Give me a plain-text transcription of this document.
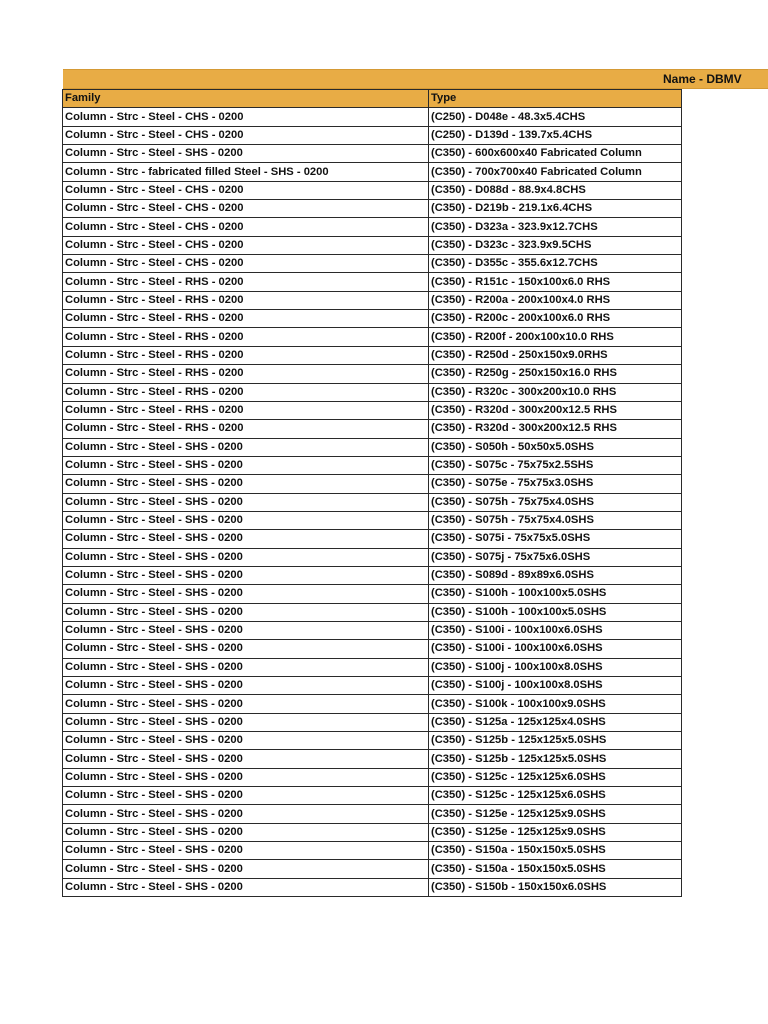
Name - DBMV
Family	Type
Column - Strc - Steel - CHS - 0200	(C250) - D048e - 48.3x5.4CHS
Column - Strc - Steel - CHS - 0200	(C250) - D139d - 139.7x5.4CHS
Column - Strc - Steel - SHS - 0200	(C350) - 600x600x40 Fabricated Column
Column - Strc - fabricated filled Steel - SHS - 0200	(C350) - 700x700x40 Fabricated Column
Column - Strc - Steel - CHS - 0200	(C350) - D088d - 88.9x4.8CHS
Column - Strc - Steel - CHS - 0200	(C350) - D219b - 219.1x6.4CHS
Column - Strc - Steel - CHS - 0200	(C350) - D323a - 323.9x12.7CHS
Column - Strc - Steel - CHS - 0200	(C350) - D323c - 323.9x9.5CHS
Column - Strc - Steel - CHS - 0200	(C350) - D355c - 355.6x12.7CHS
Column - Strc - Steel - RHS - 0200	(C350) - R151c - 150x100x6.0 RHS
Column - Strc - Steel - RHS - 0200	(C350) - R200a - 200x100x4.0 RHS
Column - Strc - Steel - RHS - 0200	(C350) - R200c - 200x100x6.0 RHS
Column - Strc - Steel - RHS - 0200	(C350) - R200f - 200x100x10.0 RHS
Column - Strc - Steel - RHS - 0200	(C350) - R250d - 250x150x9.0RHS
Column - Strc - Steel - RHS - 0200	(C350) - R250g - 250x150x16.0 RHS
Column - Strc - Steel - RHS - 0200	(C350) - R320c - 300x200x10.0 RHS
Column - Strc - Steel - RHS - 0200	(C350) - R320d - 300x200x12.5 RHS
Column - Strc - Steel - RHS - 0200	(C350) - R320d - 300x200x12.5 RHS
Column - Strc - Steel - SHS - 0200	(C350) - S050h - 50x50x5.0SHS
Column - Strc - Steel - SHS - 0200	(C350) - S075c - 75x75x2.5SHS
Column - Strc - Steel - SHS - 0200	(C350) - S075e - 75x75x3.0SHS
Column - Strc - Steel - SHS - 0200	(C350) - S075h - 75x75x4.0SHS
Column - Strc - Steel - SHS - 0200	(C350) - S075h - 75x75x4.0SHS
Column - Strc - Steel - SHS - 0200	(C350) - S075i - 75x75x5.0SHS
Column - Strc - Steel - SHS - 0200	(C350) - S075j - 75x75x6.0SHS
Column - Strc - Steel - SHS - 0200	(C350) - S089d - 89x89x6.0SHS
Column - Strc - Steel - SHS - 0200	(C350) - S100h - 100x100x5.0SHS
Column - Strc - Steel - SHS - 0200	(C350) - S100h - 100x100x5.0SHS
Column - Strc - Steel - SHS - 0200	(C350) - S100i - 100x100x6.0SHS
Column - Strc - Steel - SHS - 0200	(C350) - S100i - 100x100x6.0SHS
Column - Strc - Steel - SHS - 0200	(C350) - S100j - 100x100x8.0SHS
Column - Strc - Steel - SHS - 0200	(C350) - S100j - 100x100x8.0SHS
Column - Strc - Steel - SHS - 0200	(C350) - S100k - 100x100x9.0SHS
Column - Strc - Steel - SHS - 0200	(C350) - S125a - 125x125x4.0SHS
Column - Strc - Steel - SHS - 0200	(C350) - S125b - 125x125x5.0SHS
Column - Strc - Steel - SHS - 0200	(C350) - S125b - 125x125x5.0SHS
Column - Strc - Steel - SHS - 0200	(C350) - S125c - 125x125x6.0SHS
Column - Strc - Steel - SHS - 0200	(C350) - S125c - 125x125x6.0SHS
Column - Strc - Steel - SHS - 0200	(C350) - S125e - 125x125x9.0SHS
Column - Strc - Steel - SHS - 0200	(C350) - S125e - 125x125x9.0SHS
Column - Strc - Steel - SHS - 0200	(C350) - S150a - 150x150x5.0SHS
Column - Strc - Steel - SHS - 0200	(C350) - S150a - 150x150x5.0SHS
Column - Strc - Steel - SHS - 0200	(C350) - S150b - 150x150x6.0SHS
